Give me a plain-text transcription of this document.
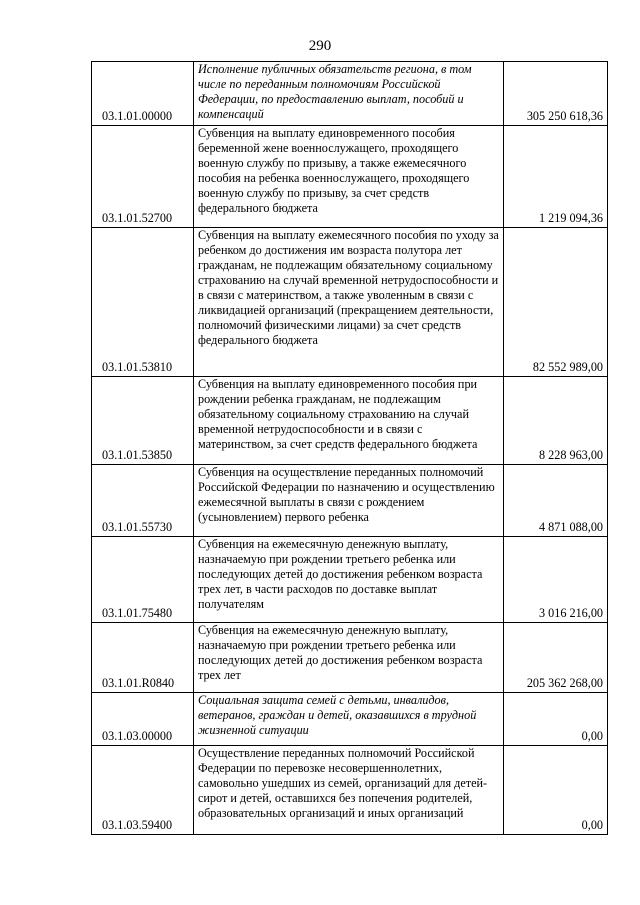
290
03.1.01.00000	Исполнение публичных обязательств региона, в том числе по переданным полномочиям Российской Федерации, по предоставлению выплат, пособий и компенсаций	305 250 618,36
03.1.01.52700	Субвенция на выплату единовременного пособия беременной жене военнослужащего, проходящего военную службу по призыву, а также ежемесячного пособия на ребенка военнослужащего, проходящего военную службу по призыву, за счет средств федерального бюджета	1 219 094,36
03.1.01.53810	Субвенция на выплату ежемесячного пособия по уходу за ребенком до достижения им возраста полутора лет гражданам, не подлежащим обязательному социальному страхованию на случай временной нетрудоспособности и в связи с материнством, а также уволенным в связи с ликвидацией организаций (прекращением деятельности, полномочий физическими лицами) за счет средств федерального бюджета	82 552 989,00
03.1.01.53850	Субвенция на выплату единовременного пособия при рождении ребенка гражданам, не подлежащим обязательному социальному страхованию на случай временной нетрудоспособности и в связи с материнством, за счет средств федерального бюджета	8 228 963,00
03.1.01.55730	Субвенция на осуществление переданных полномочий Российской Федерации по назначению и осуществлению ежемесячной выплаты в связи с рождением (усыновлением) первого ребенка	4 871 088,00
03.1.01.75480	Субвенция на ежемесячную денежную выплату, назначаемую при рождении третьего ребенка или последующих детей до достижения ребенком возраста трех лет, в части расходов по доставке выплат получателям	3 016 216,00
03.1.01.R0840	Субвенция на ежемесячную денежную выплату, назначаемую при рождении третьего ребенка или последующих детей до достижения ребенком возраста трех лет	205 362 268,00
03.1.03.00000	Социальная защита семей с детьми, инвалидов, ветеранов, граждан и детей, оказавшихся в трудной жизненной ситуации	0,00
03.1.03.59400	Осуществление переданных полномочий Российской Федерации по перевозке несовершеннолетних, самовольно ушедших из семей, организаций для детей-сирот и детей, оставшихся без попечения родителей, образовательных организаций и иных организаций	0,00
